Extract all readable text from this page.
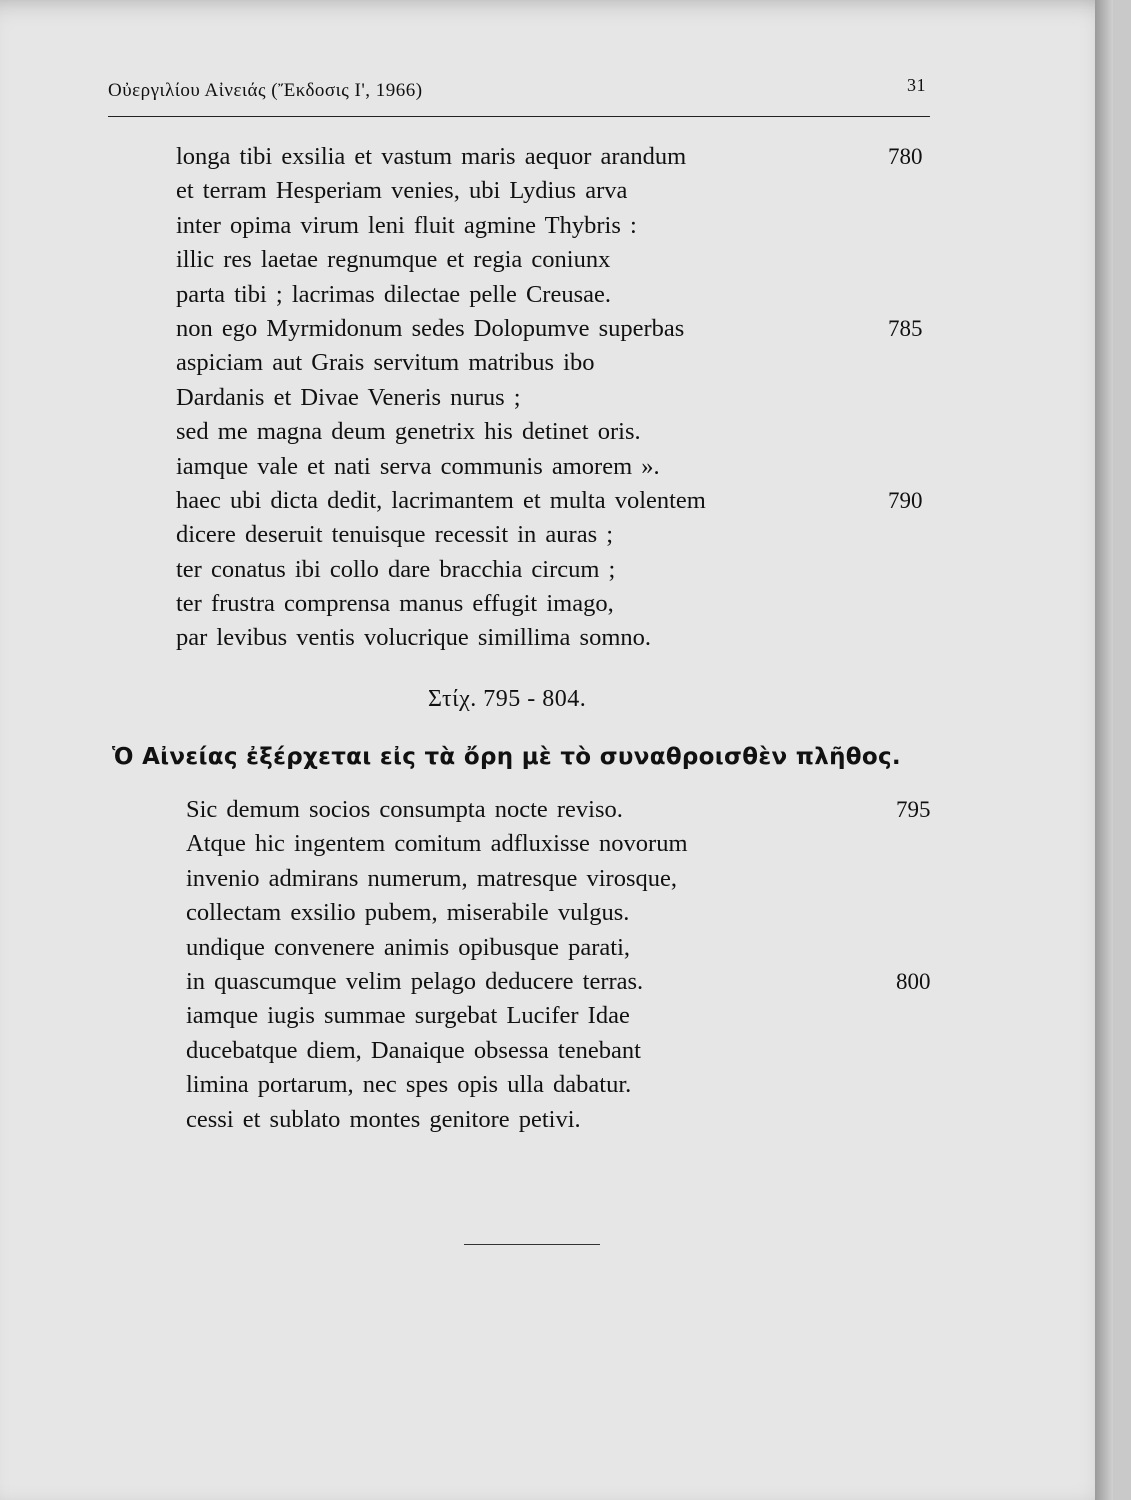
Οὐεργιλίου Αἰνειάς (Ἔκδοσις Ι', 1966)	31
longa tibi exsilia et vastum maris aequor arandum	780
et terram Hesperiam venies, ubi Lydius arva
inter opima virum leni fluit agmine Thybris :
illic res laetae regnumque et regia coniunx
parta tibi ; lacrimas dilectae pelle Creusae.
non ego Myrmidonum sedes Dolopumve superbas	785
aspiciam aut Grais servitum matribus ibo
Dardanis et Divae Veneris nurus ;
sed me magna deum genetrix his detinet oris.
iamque vale et nati serva communis amorem ».
haec ubi dicta dedit, lacrimantem et multa volentem	790
dicere deseruit tenuisque recessit in auras ;
ter conatus ibi collo dare bracchia circum ;
ter frustra comprensa manus effugit imago,
par levibus ventis volucrique simillima somno.
Στίχ. 795 - 804.
Ὁ Αἰνείας ἐξέρχεται εἰς τὰ ὄρη μὲ τὸ συναθροισθὲν πλῆθος.
Sic demum socios consumpta nocte reviso.	795
Atque hic ingentem comitum adfluxisse novorum
invenio admirans numerum, matresque virosque,
collectam exsilio pubem, miserabile vulgus.
undique convenere animis opibusque parati,
in quascumque velim pelago deducere terras.	800
iamque iugis summae surgebat Lucifer Idae
ducebatque diem, Danaique obsessa tenebant
limina portarum, nec spes opis ulla dabatur.
cessi et sublato montes genitore petivi.
